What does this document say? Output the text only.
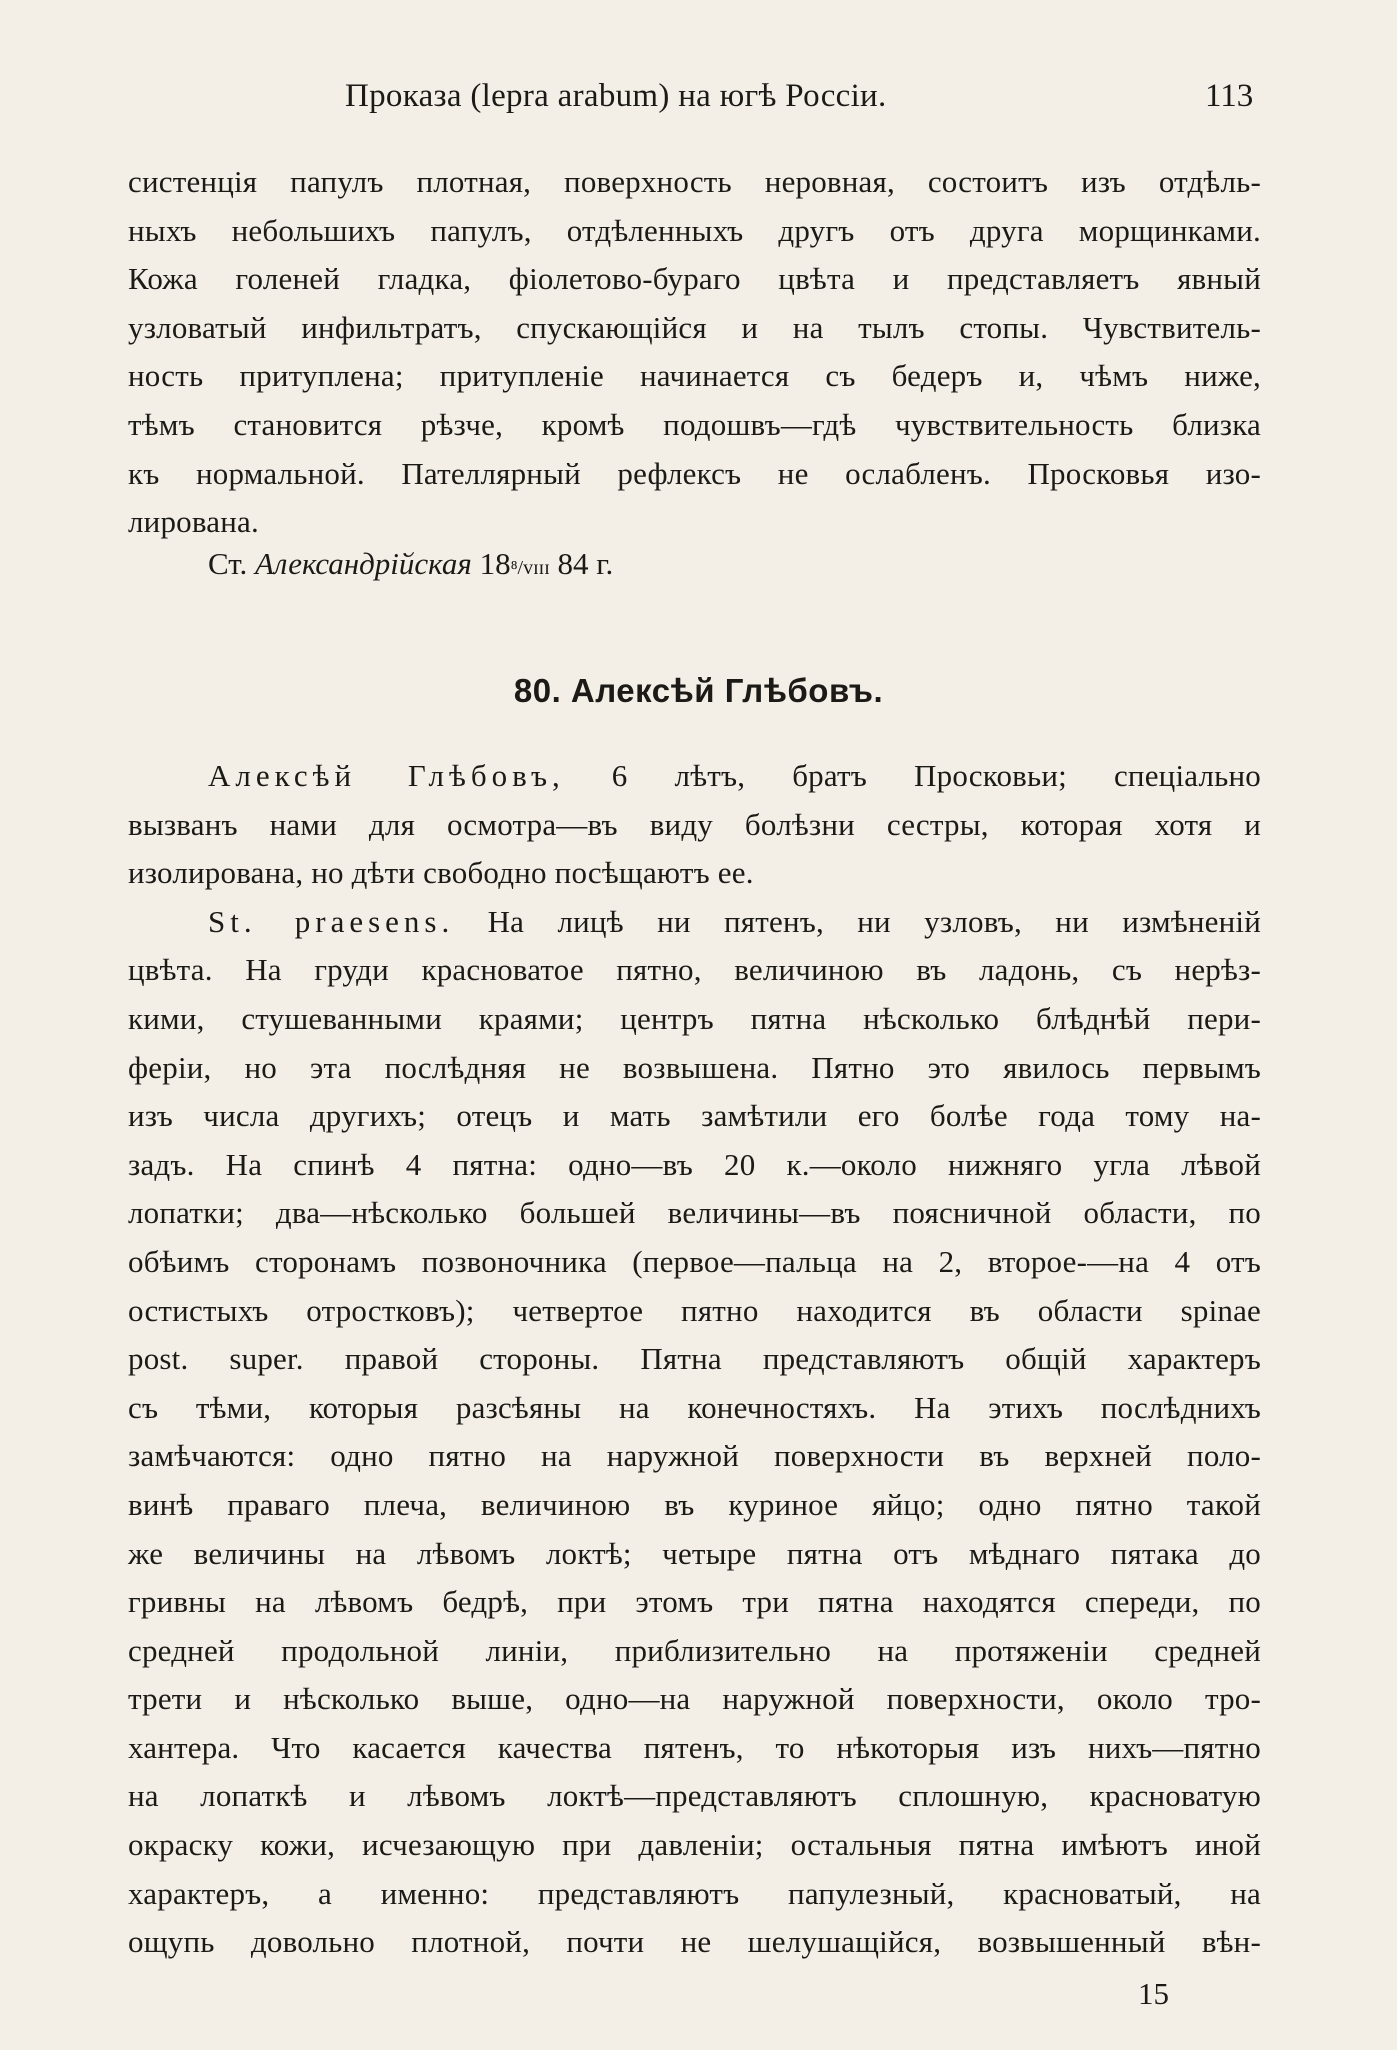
Проказа (lepra arabum) на югѣ Россіи.	113
систенція папулъ плотная, поверхность неровная, состоитъ изъ отдѣль-
ныхъ небольшихъ папулъ, отдѣленныхъ другъ отъ друга морщинками.
Кожа голеней гладка, фіолетово-бураго цвѣта и представляетъ явный
узловатый инфильтратъ, спускающійся и на тылъ стопы. Чувствитель-
ность притуплена; притупленіе начинается съ бедеръ и, чѣмъ ниже,
тѣмъ становится рѣзче, кромѣ подошвъ—гдѣ чувствительность близка
къ нормальной. Пателлярный рефлексъ не ослабленъ. Просковья изо-
лирована.
Ст. Александрійская 18⁸/ᴠɪɪɪ 84 г.
80. Алексѣй Глѣбовъ.
Алексѣй Глѣбовъ, 6 лѣтъ, братъ Просковьи; спеціально
вызванъ нами для осмотра—въ виду болѣзни сестры, которая хотя и
изолирована, но дѣти свободно посѣщаютъ ее.
St. praesens. На лицѣ ни пятенъ, ни узловъ, ни измѣненій
цвѣта. На груди красноватое пятно, величиною въ ладонь, съ нерѣз-
кими, стушеванными краями; центръ пятна нѣсколько блѣднѣй пери-
феріи, но эта послѣдняя не возвышена. Пятно это явилось первымъ
изъ числа другихъ; отецъ и мать замѣтили его болѣе года тому на-
задъ. На спинѣ 4 пятна: одно—въ 20 к.—около нижняго угла лѣвой
лопатки; два—нѣсколько большей величины—въ поясничной области, по
обѣимъ сторонамъ позвоночника (первое—пальца на 2, второе-—на 4 отъ
остистыхъ отростковъ); четвертое пятно находится въ области spinae
post. super. правой стороны. Пятна представляютъ общій характеръ
съ тѣми, которыя разсѣяны на конечностяхъ. На этихъ послѣднихъ
замѣчаются: одно пятно на наружной поверхности въ верхней поло-
винѣ праваго плеча, величиною въ куриное яйцо; одно пятно такой
же величины на лѣвомъ локтѣ; четыре пятна отъ мѣднаго пятака до
гривны на лѣвомъ бедрѣ, при этомъ три пятна находятся спереди, по
средней продольной линіи, приблизительно на протяженіи средней
трети и нѣсколько выше, одно—на наружной поверхности, около тро-
хантера. Что касается качества пятенъ, то нѣкоторыя изъ нихъ—пятно
на лопаткѣ и лѣвомъ локтѣ—представляютъ сплошную, красноватую
окраску кожи, исчезающую при давленіи; остальныя пятна имѣютъ иной
характеръ, а именно: представляютъ папулезный, красноватый, на
ощупь довольно плотной, почти не шелушащійся, возвышенный вѣн-
15
